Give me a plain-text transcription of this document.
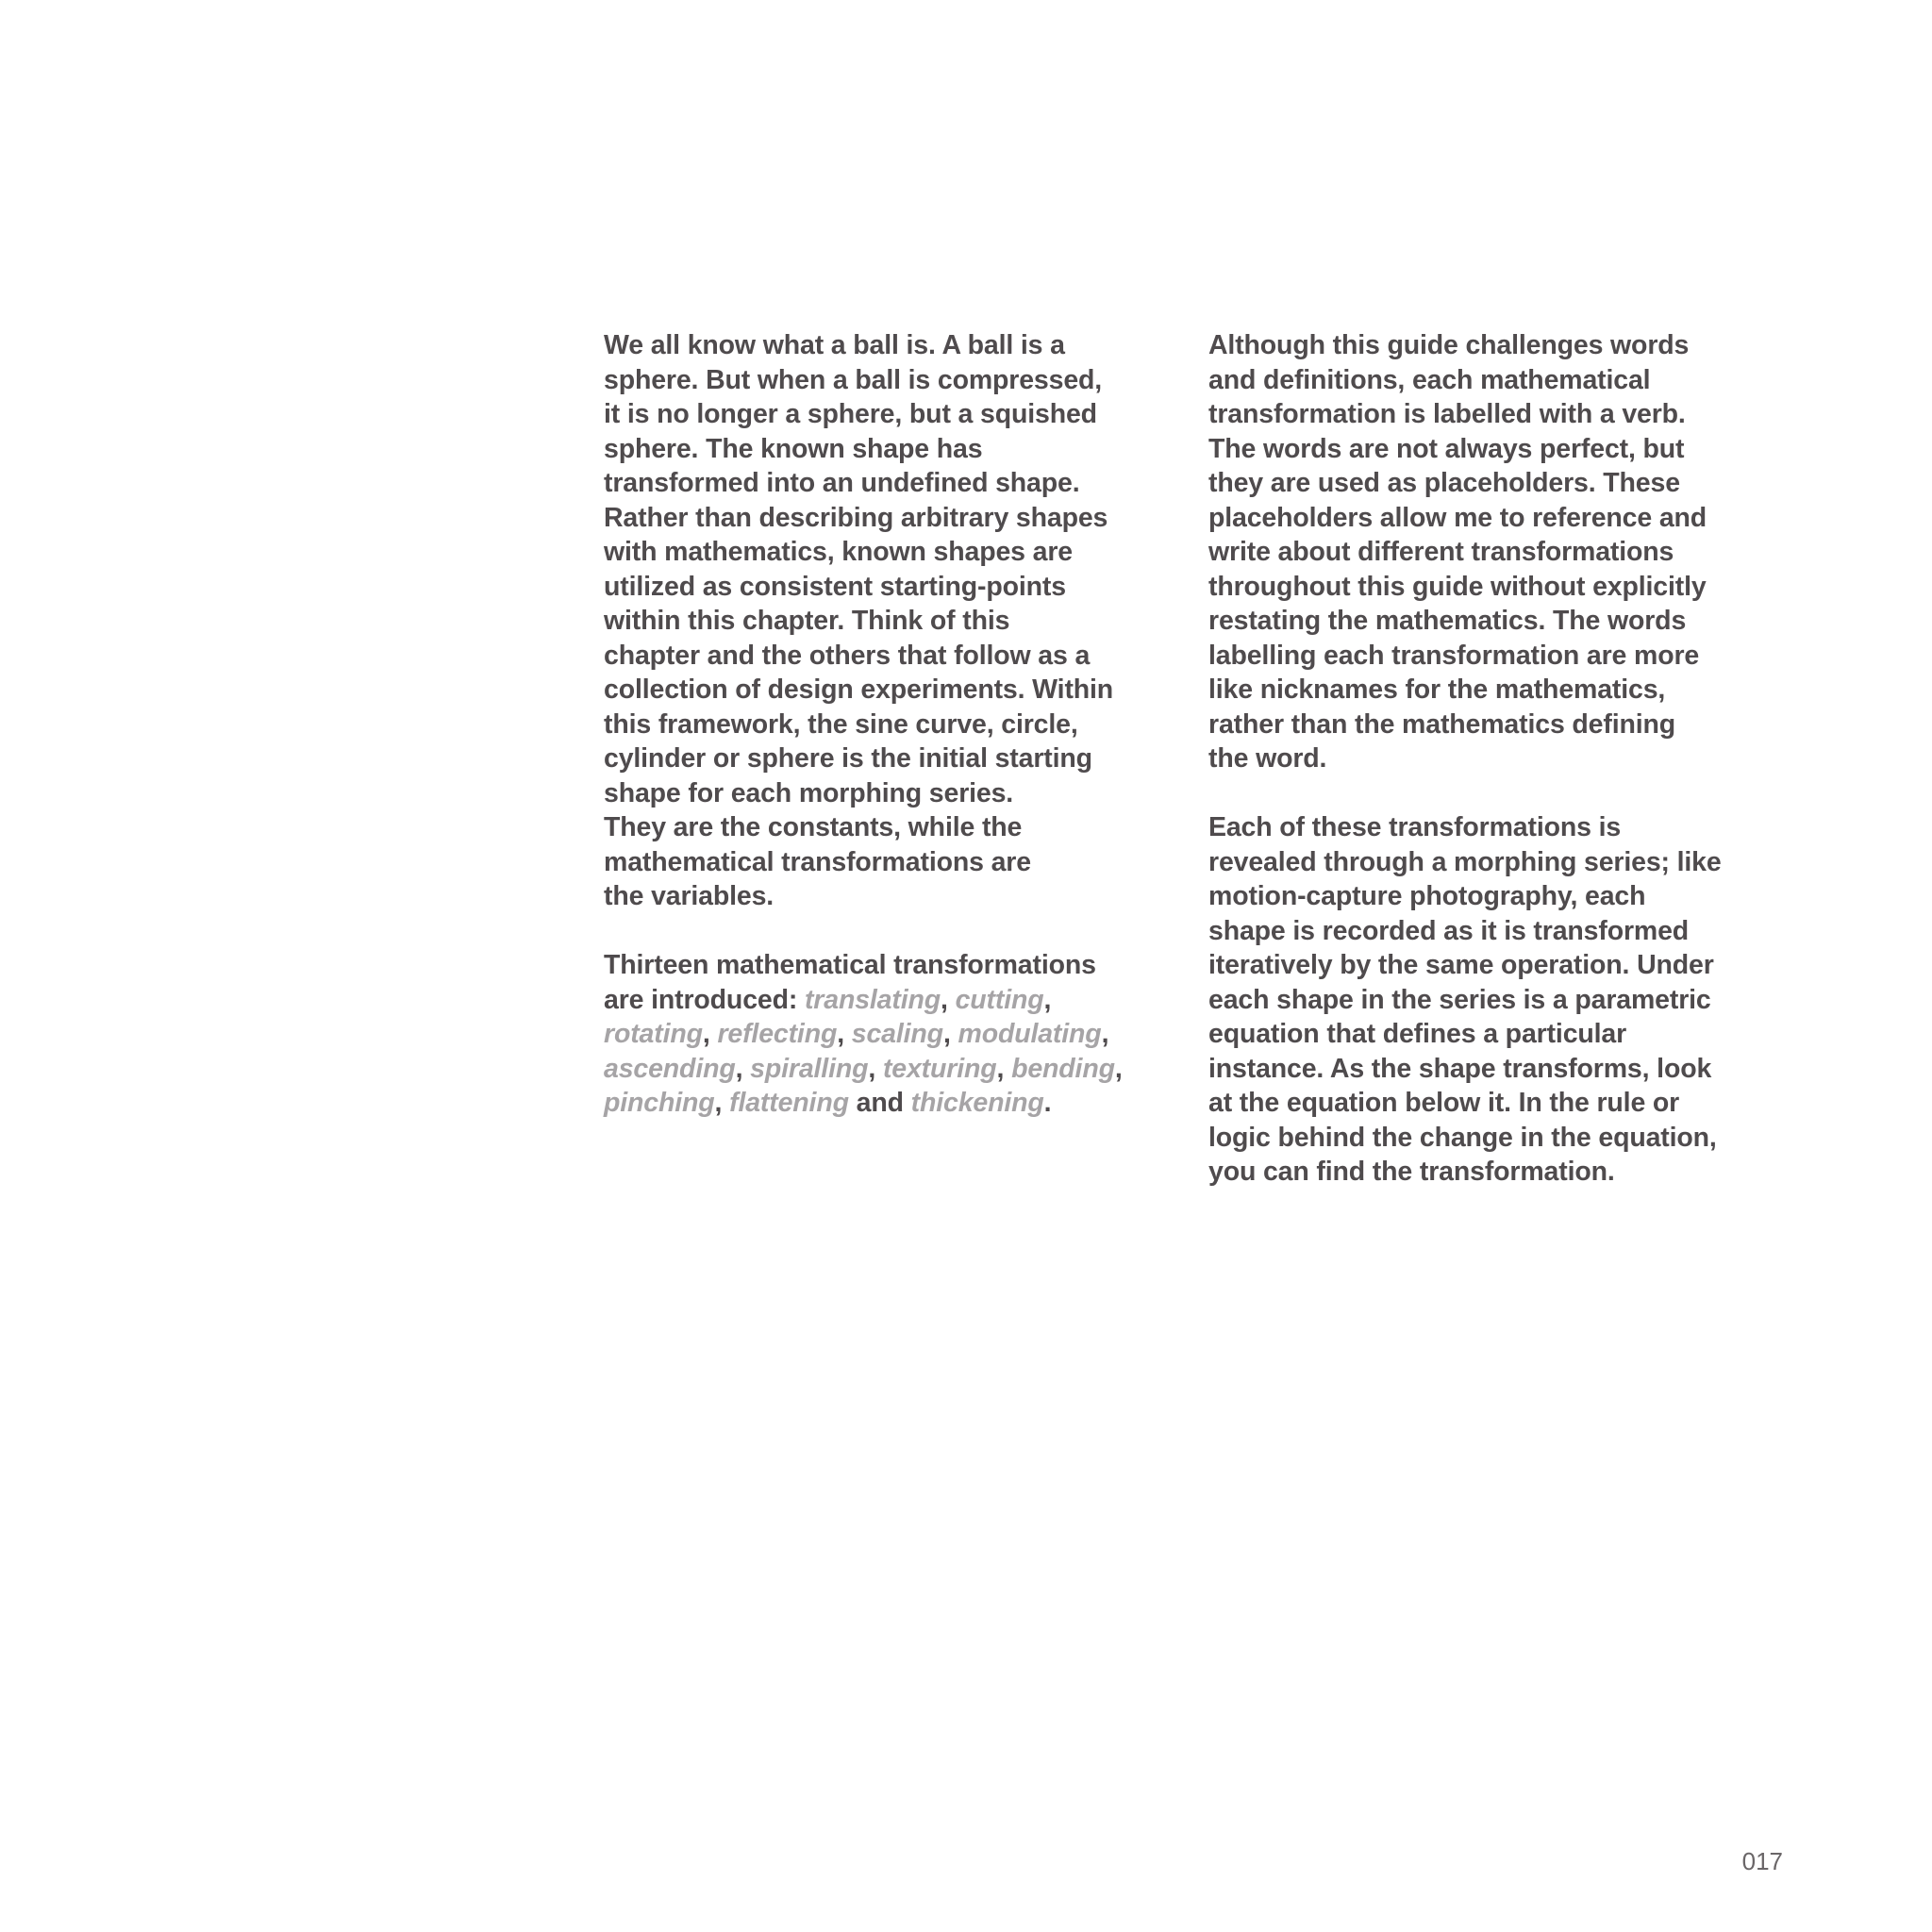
We all know what a ball is. A ball is a
sphere. But when a ball is compressed,
it is no longer a sphere, but a squished
sphere. The known shape has
transformed into an undefined shape.
Rather than describing arbitrary shapes
with mathematics, known shapes are
utilized as consistent starting-points
within this chapter. Think of this
chapter and the others that follow as a
collection of design experiments. Within
this framework, the sine curve, circle,
cylinder or sphere is the initial starting
shape for each morphing series.
They are the constants, while the
mathematical transformations are
the variables.

Thirteen mathematical transformations
are introduced: translating, cutting,
rotating, reflecting, scaling, modulating,
ascending, spiralling, texturing, bending,
pinching, flattening and thickening.

Although this guide challenges words
and definitions, each mathematical
transformation is labelled with a verb.
The words are not always perfect, but
they are used as placeholders. These
placeholders allow me to reference and
write about different transformations
throughout this guide without explicitly
restating the mathematics. The words
labelling each transformation are more
like nicknames for the mathematics,
rather than the mathematics defining
the word.

Each of these transformations is
revealed through a morphing series; like
motion-capture photography, each
shape is recorded as it is transformed
iteratively by the same operation. Under
each shape in the series is a parametric
equation that defines a particular
instance. As the shape transforms, look
at the equation below it. In the rule or
logic behind the change in the equation,
you can find the transformation.

017
